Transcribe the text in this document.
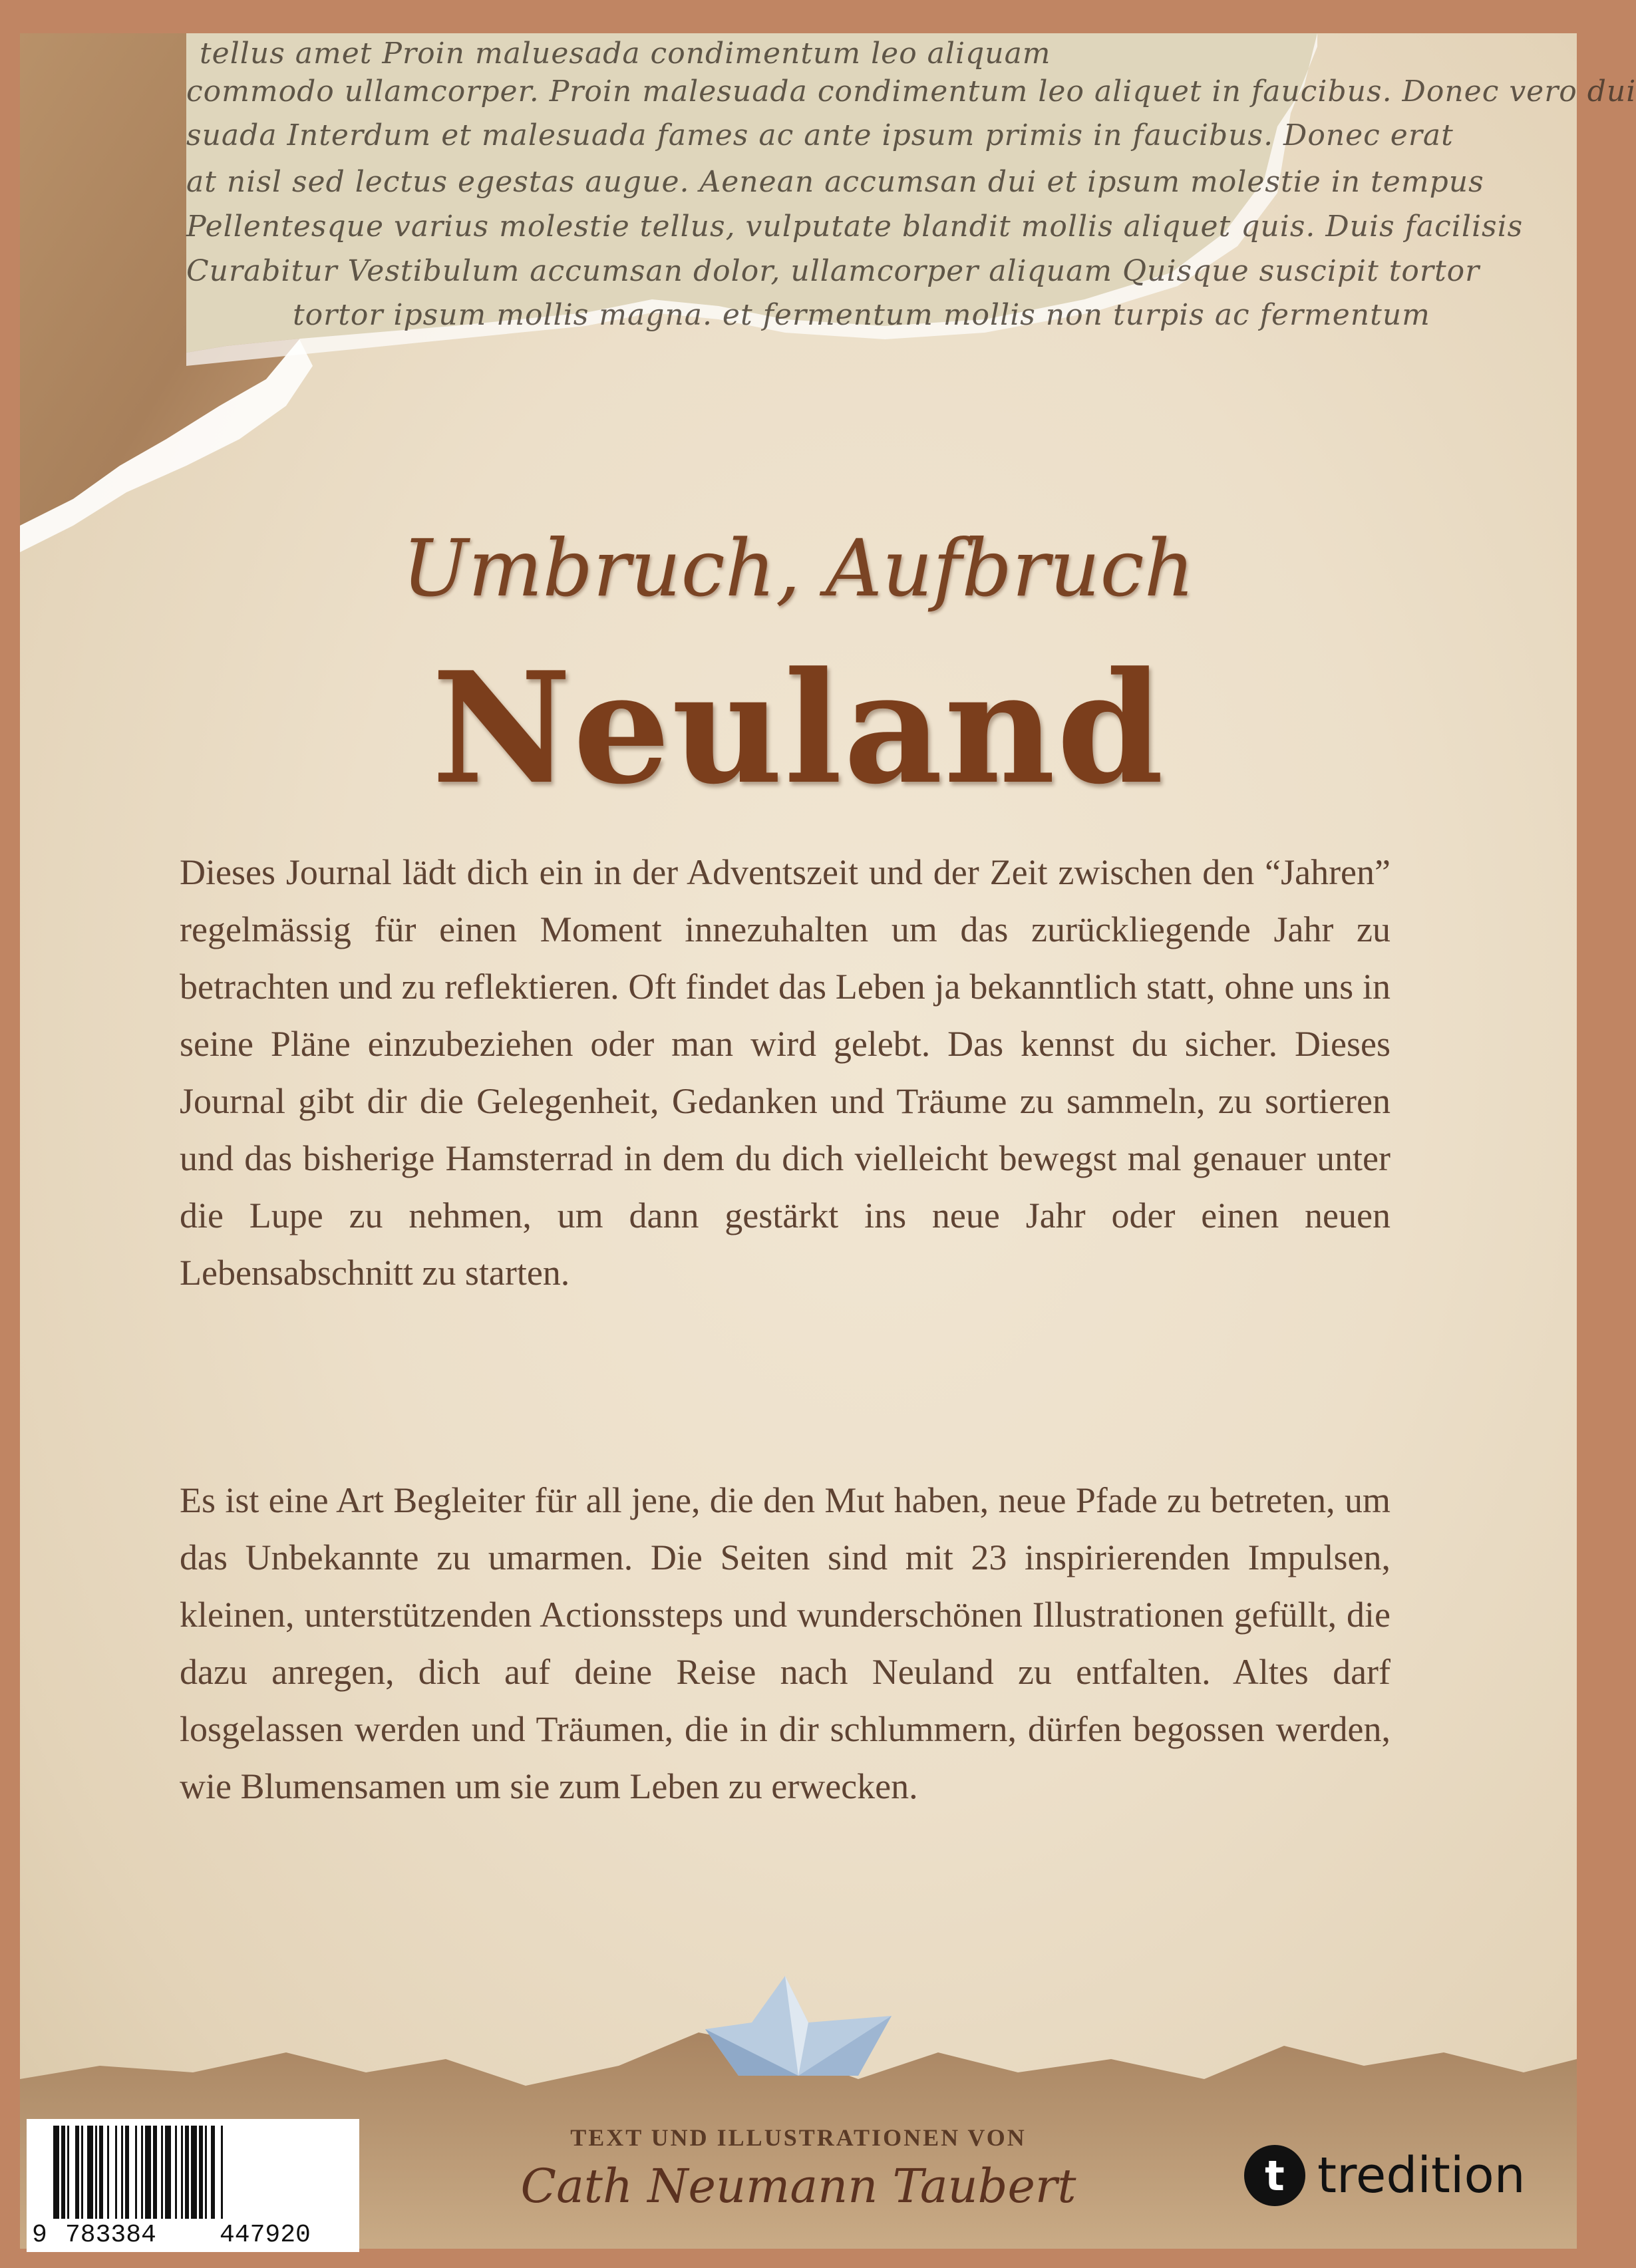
tellus amet Proin maluesada condimentum leo aliquam
commodo ullamcorper. Proin malesuada condimentum leo aliquet in faucibus. Donec vero dui
suada Interdum et malesuada fames ac ante ipsum primis in faucibus. Donec erat
at nisl sed lectus egestas augue. Aenean accumsan dui et ipsum molestie in tempus
Pellentesque varius molestie tellus, vulputate blandit mollis aliquet quis. Duis facilisis
Curabitur Vestibulum accumsan dolor, ullamcorper aliquam Quisque suscipit tortor
tortor ipsum mollis magna. et fermentum mollis non turpis ac fermentum
Umbruch, Aufbruch
Neuland
Dieses Journal lädt dich ein in der Adventszeit und der Zeit zwischen den “Jahren” regelmässig für einen Moment innezuhalten um das zurückliegende Jahr zu betrachten und zu reflektieren. Oft findet das Leben ja bekanntlich statt, ohne uns in seine Pläne einzubeziehen oder man wird gelebt. Das kennst du sicher. Dieses Journal gibt dir die Gelegenheit, Gedanken und Träume zu sammeln, zu sortieren und das bisherige Hamsterrad in dem du dich vielleicht bewegst mal genauer unter die Lupe zu nehmen, um dann gestärkt ins neue Jahr oder einen neuen Lebensabschnitt zu starten.
Es ist eine Art Begleiter für all jene, die den Mut haben, neue Pfade zu betreten, um das Unbekannte zu umarmen. Die Seiten sind mit 23 inspirierenden Impulsen, kleinen, unterstützenden Actionssteps und wunderschönen Illustrationen gefüllt, die dazu anregen, dich auf deine Reise nach Neuland zu entfalten. Altes darf losgelassen werden und Träumen, die in dir schlummern, dürfen begossen werden, wie Blumensamen um sie zum Leben zu erwecken.
TEXT UND ILLUSTRATIONEN VON
Cath Neumann Taubert
9 783384	447920
t tredition
